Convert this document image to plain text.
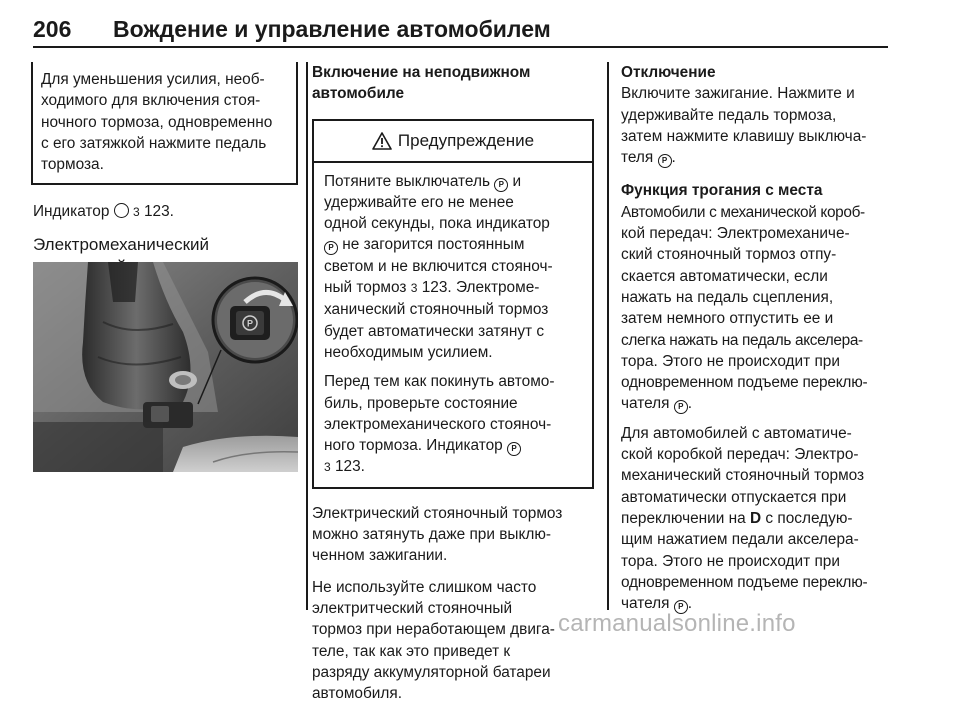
206 Вождение и управление автомобилем

Для уменьшения усилия, необ-
ходимого для включения стоя-
ночного тормоза, одновременно
с его затяжкой нажмите педаль
тормоза.

Индикатор 3 123.

Электромеханический
P
Включение на неподвижном
автомобиле
Предупреждение

Потяните выключатель P и
удерживайте его не менее
одной секунды, пока индикатор
P не загорится постоянным
светом и не включится стояноч-
ный тормоз 3 123. Электроме-
ханический стояночный тормоз
будет автоматически затянут с
необходимым усилием.

Перед тем как покинуть автомо-
биль, проверьте состояние
электромеханического стояноч-
ного тормоза. Индикатор P
3 123.

Электрический стояночный тормоз
можно затянуть даже при выклю-
ченном зажигании.

Не используйте слишком часто
электритческий стояночный
тормоз при неработающем двига-
теле, так как это приведет к
разряду аккумуляторной батареи
автомобиля.

Отключение

Включите зажигание. Нажмите и
удерживайте педаль тормоза,
затем нажмите клавишу выключа-
теля P .

Функция трогания с места

Автомобили с механической короб-
кой передач: Электромеханиче-
ский стояночный тормоз отпу-
скается автоматически, если
нажать на педаль сцепления,
затем немного отпустить ее и
слегка нажать на педаль акселера-
тора. Этого не происходит при
одновременном подъеме переклю-
чателя P .

Для автомобилей с автоматиче-
ской коробкой передач: Электро-
механический стояночный тормоз
автоматически отпускается при
переключении на D с последую-
щим нажатием педали акселера-
тора. Этого не происходит при
одновременном подъеме переклю-
чателя P .

carmanualsonline.info
